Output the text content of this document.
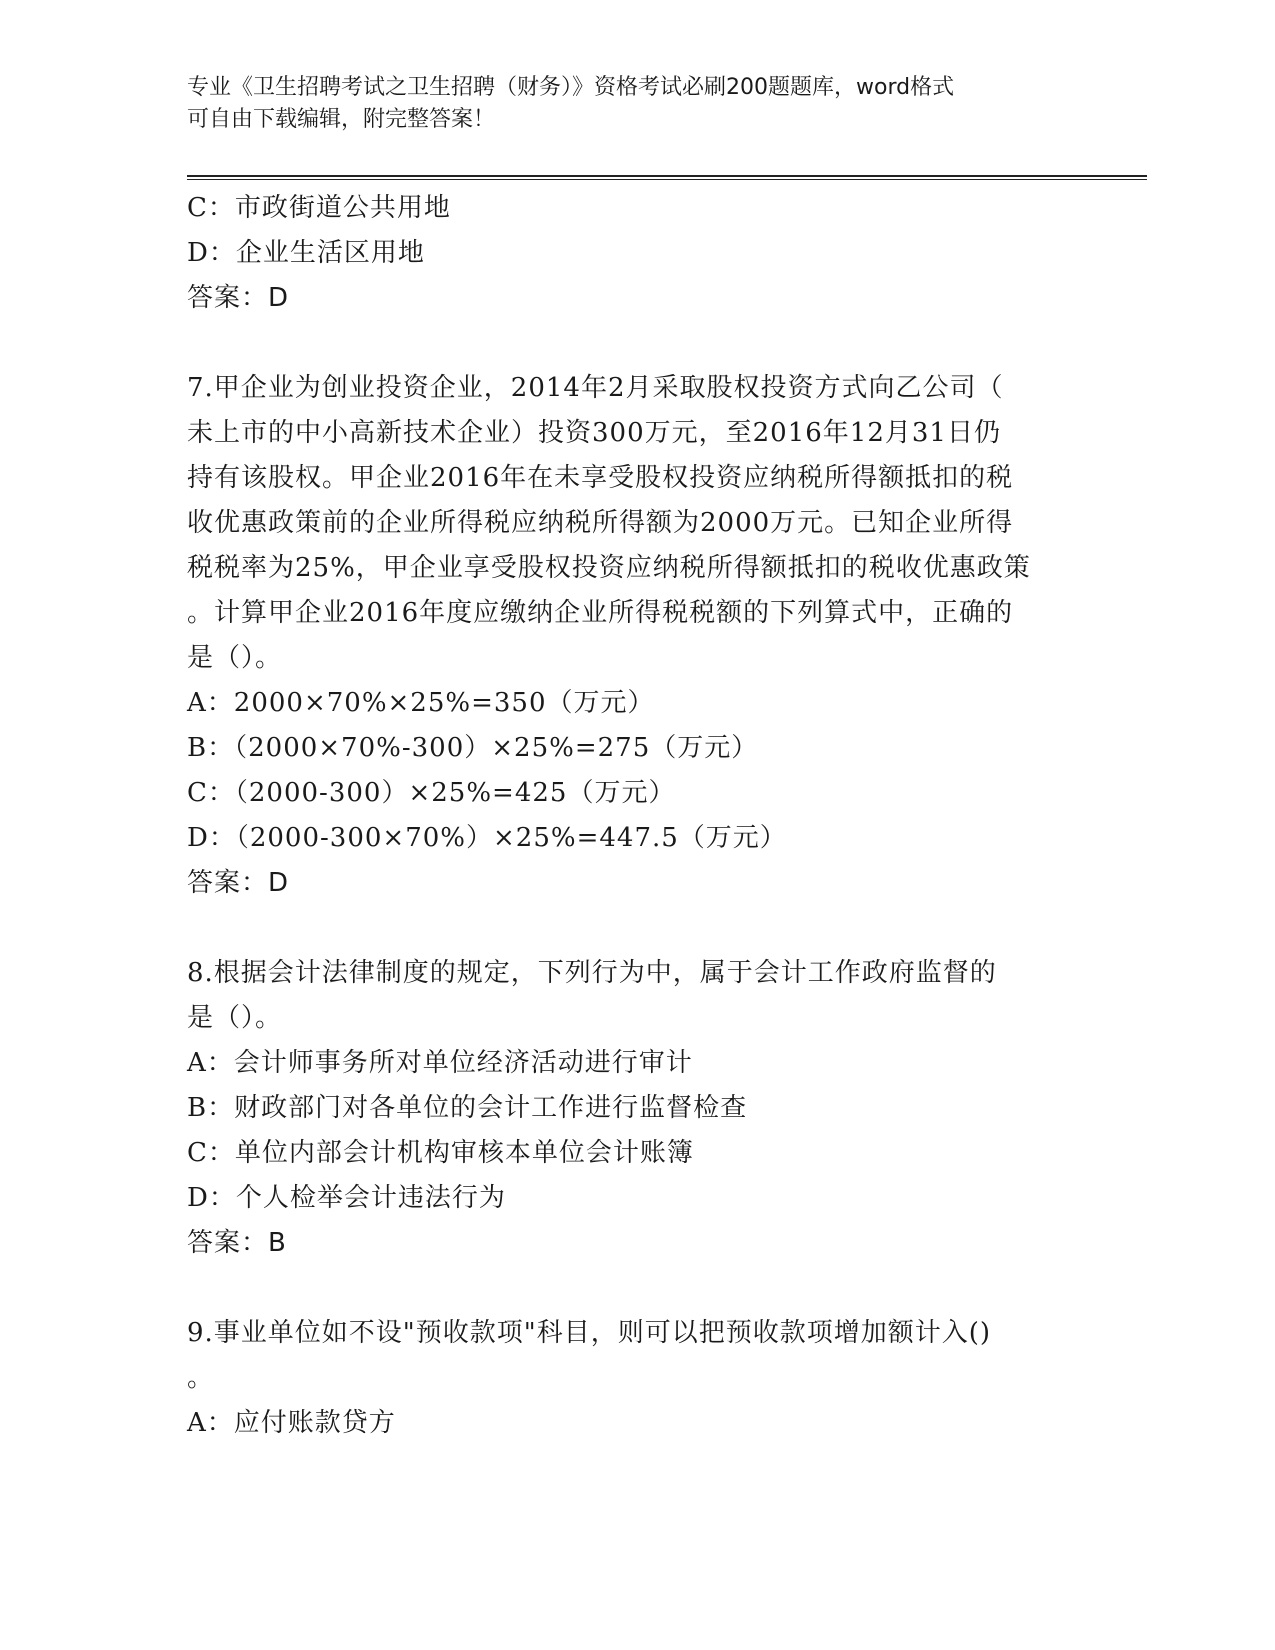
专业《卫生招聘考试之卫生招聘（财务）》资格考试必刷200题题库，word格式
可自由下载编辑，附完整答案！
C：市政街道公共用地
D：企业生活区用地
答案：D
7.甲企业为创业投资企业，2014年2月采取股权投资方式向乙公司（
未上市的中小高新技术企业）投资300万元，至2016年12月31日仍
持有该股权。甲企业2016年在未享受股权投资应纳税所得额抵扣的税
收优惠政策前的企业所得税应纳税所得额为2000万元。已知企业所得
税税率为25%，甲企业享受股权投资应纳税所得额抵扣的税收优惠政策
。计算甲企业2016年度应缴纳企业所得税税额的下列算式中，正确的
是（）。
A：2000×70%×25%=350（万元）
B：（2000×70%-300）×25%=275（万元）
C：（2000-300）×25%=425（万元）
D：（2000-300×70%）×25%=447.5（万元）
答案：D
8.根据会计法律制度的规定，下列行为中，属于会计工作政府监督的
是（）。
A：会计师事务所对单位经济活动进行审计
B：财政部门对各单位的会计工作进行监督检查
C：单位内部会计机构审核本单位会计账簿
D：个人检举会计违法行为
答案：B
9.事业单位如不设"预收款项"科目，则可以把预收款项增加额计入()
。
A：应付账款贷方
